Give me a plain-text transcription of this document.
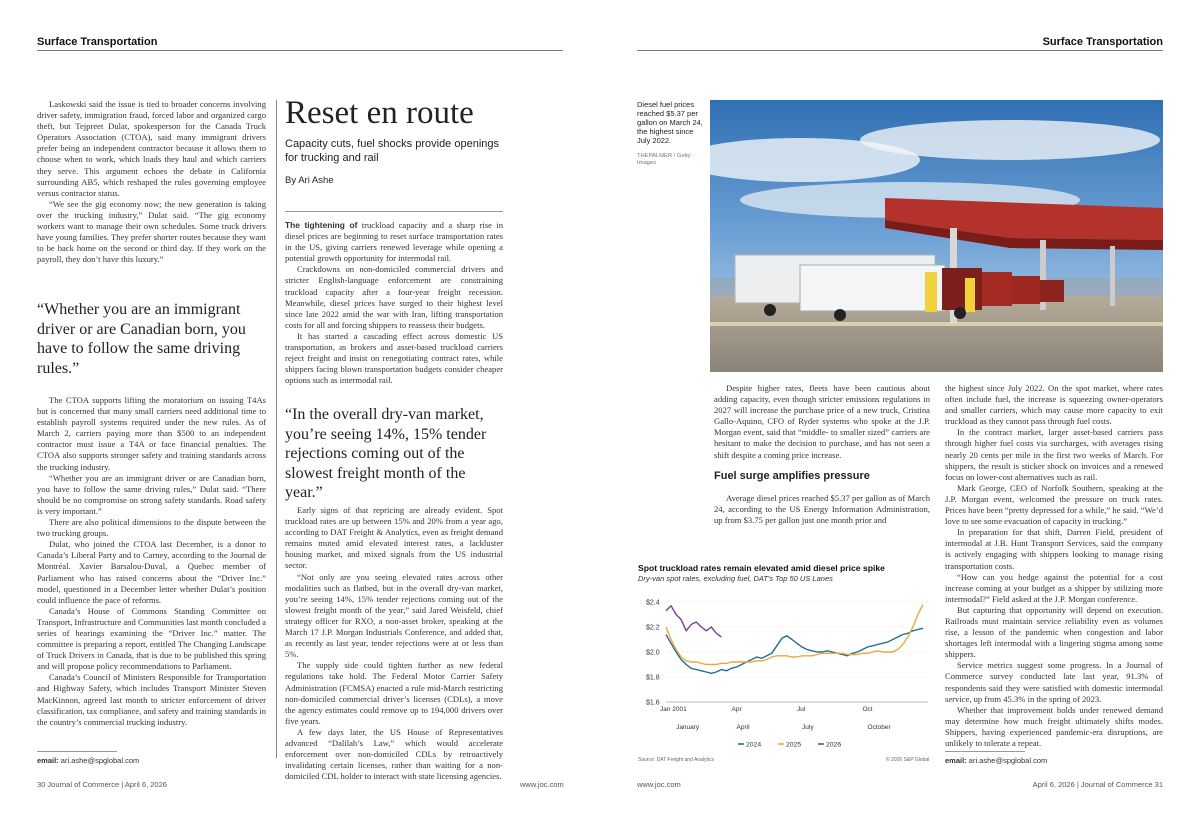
Surface Transportation

Laskowski said the issue is tied to broader concerns involving driver safety, immigration fraud, forced labor and organized cargo theft, but Tejpreet Dulat, spokesperson for the Canada Truck Operators Association (CTOA), said many immigrant drivers prefer being an independent contractor because it allows them to choose when to work, which loads they haul and which carriers they serve. This argument echoes the debate in California surrounding AB5, which reshaped the rules governing employee versus contractor status.

“We see the gig economy now; the new generation is taking over the trucking industry,” Dulat said. “The gig economy workers want to manage their own schedules. Some truck drivers have young families. They prefer shorter routes because they want to be back home on the second or third day. If they work on the payroll, they don’t have this luxury.”

“Whether you are an immigrant driver or are Canadian born, you have to follow the same driving rules.”

The CTOA supports lifting the moratorium on issuing T4As but is concerned that many small carriers need additional time to establish payroll systems required under the new rules. As of March 2, carriers paying more than $500 to an independent contractor must issue a T4A or face financial penalties. The CTOA also supports stronger safety and training standards across the trucking industry.

“Whether you are an immigrant driver or are Canadian born, you have to follow the same driving rules,” Dulat said. “There should be no compromise on strong safety standards. Road safety is very important.”

There are also political dimensions to the dispute between the two trucking groups.

Dulat, who joined the CTOA last December, is a donor to Canada’s Liberal Party and to Carney, according to the Journal de Montréal. Xavier Barsalou-Duval, a Quebec member of Parliament who has raised concerns about the “Driver Inc.” model, questioned in a December letter whether Dulat’s position could influence the pace of reforms.

Canada’s House of Commons Standing Committee on Transport, Infrastructure and Communities last month concluded a series of hearings examining the “Driver Inc.” matter. The committee is preparing a report, entitled The Changing Landscape of Truck Drivers in Canada, that is due to be published this spring and will propose policy recommendations to Parliament.

Canada’s Council of Ministers Responsible for Transportation and Highway Safety, which includes Transport Minister Steven MacKinnon, agreed last month to stricter enforcement of driver classification, tax compliance, and safety and training standards in the country’s commercial trucking industry.

email: ari.ashe@spglobal.com
Reset en route
Capacity cuts, fuel shocks provide openings for trucking and rail
By Ari Ashe

The tightening of truckload capacity and a sharp rise in diesel prices are beginning to reset surface transportation rates in the US, giving carriers renewed leverage while opening a potential growth opportunity for intermodal rail.

Crackdowns on non-domiciled commercial drivers and stricter English-language enforcement are constraining truckload capacity after a four-year freight recession. Meanwhile, diesel prices have surged to their highest level since late 2022 amid the war with Iran, lifting transportation costs for all and forcing shippers to reassess their budgets.

It has started a cascading effect across domestic US transportation, as brokers and asset-based truckload carriers reject freight and insist on renegotiating contract rates, while shippers facing blown transportation budgets consider cheaper options such as intermodal rail.

“In the overall dry-van market, you’re seeing 14%, 15% tender rejections coming out of the slowest freight month of the year.”

Early signs of that repricing are already evident. Spot truckload rates are up between 15% and 20% from a year ago, according to DAT Freight & Analytics, even as freight demand remains muted amid elevated interest rates, a lackluster housing market, and mixed signals from the US industrial sector.

“Not only are you seeing elevated rates across other modalities such as flatbed, but in the overall dry-van market, you’re seeing 14%, 15% tender rejections coming out of the slowest freight month of the year,” said Jared Weisfeld, chief strategy officer for RXO, a non-asset broker, speaking at the March 17 J.P. Morgan Industrials Conference, and added that, as recently as last year, tender rejections were at or less than 5%.

The supply side could tighten further as new federal regulations take hold. The Federal Motor Carrier Safety Administration (FCMSA) enacted a rule mid-March restricting non-domiciled commercial driver’s licenses (CDLs), a move the agency estimates could remove up to 194,000 drivers over five years.

A few days later, the US House of Representatives advanced “Dalilah’s Law,” which would accelerate enforcement over non-domiciled CDLs by retroactively invalidating certain licenses, rather than waiting for a non-domiciled CDL holder to interact with state licensing agencies.

30 Journal of Commerce | April 6, 2026	www.joc.com
Surface Transportation
Diesel fuel prices reached $5.37 per gallon on March 24, the highest since July 2022.
THEPALMER / Getty Images

Despite higher rates, fleets have been cautious about adding capacity, even though stricter emissions regulations in 2027 will increase the purchase price of a new truck, Cristina Gallo-Aquino, CFO of Ryder systems who spoke at the J.P. Morgan event, said that “middle- to smaller sized” carriers are hesitant to make the decision to purchase, and has not seen a shift despite a coming price increase.

Fuel surge amplifies pressure

Average diesel prices reached $5.37 per gallon as of March 24, according to the US Energy Information Administration, up from $3.75 per gallon just one month prior and

the highest since July 2022. On the spot market, where rates often include fuel, the increase is squeezing owner-operators and smaller carriers, which may cause more capacity to exit truckload as they cannot pass through fuel costs.

In the contract market, larger asset-based carriers pass through higher fuel costs via surcharges, with averages rising nearly 20 cents per mile in the first two weeks of March. For shippers, the result is sticker shock on invoices and a renewed focus on lower-cost alternatives such as rail.

Mark George, CEO of Norfolk Southern, speaking at the J.P. Morgan event, welcomed the pressure on truck rates. Prices have been “pretty depressed for a while,” he said. “We’d love to see some evacuation of capacity in trucking.”

In preparation for that shift, Darren Field, president of intermodal at J.B. Hunt Transport Services, said the company is actively engaging with shippers looking to manage rising transportation costs.

“How can you hedge against the potential for a cost increase coming at your budget as a shipper by utilizing more intermodal?” Field asked at the J.P. Morgan conference.

But capturing that opportunity will depend on execution. Railroads must maintain service reliability even as volumes rise, a lesson of the pandemic when congestion and labor shortages left intermodal with a lingering stigma among some shippers.

Service metrics suggest some progress. In a Journal of Commerce survey conducted late last year, 91.3% of respondents said they were satisfied with domestic intermodal service, up from 45.3% in the spring of 2023.

Whether that improvement holds under renewed demand may determine how much freight ultimately shifts modes. Shippers, having experienced pandemic-era disruptions, are unlikely to tolerate a repeat.

email: ari.ashe@spglobal.com
Spot truckload rates remain elevated amid diesel price spike
Dry-van spot rates, excluding fuel, DAT's Top 50 US Lanes
$2.4
$2.2
$2.0
$1.8
$1.6
Jan 2001	Apr	Jul	Oct
January	April	July	October
2024	2025	2026
Source: DAT Freight and Analytics	© 2026 S&P Global
www.joc.com	April 6, 2026 | Journal of Commerce 31
